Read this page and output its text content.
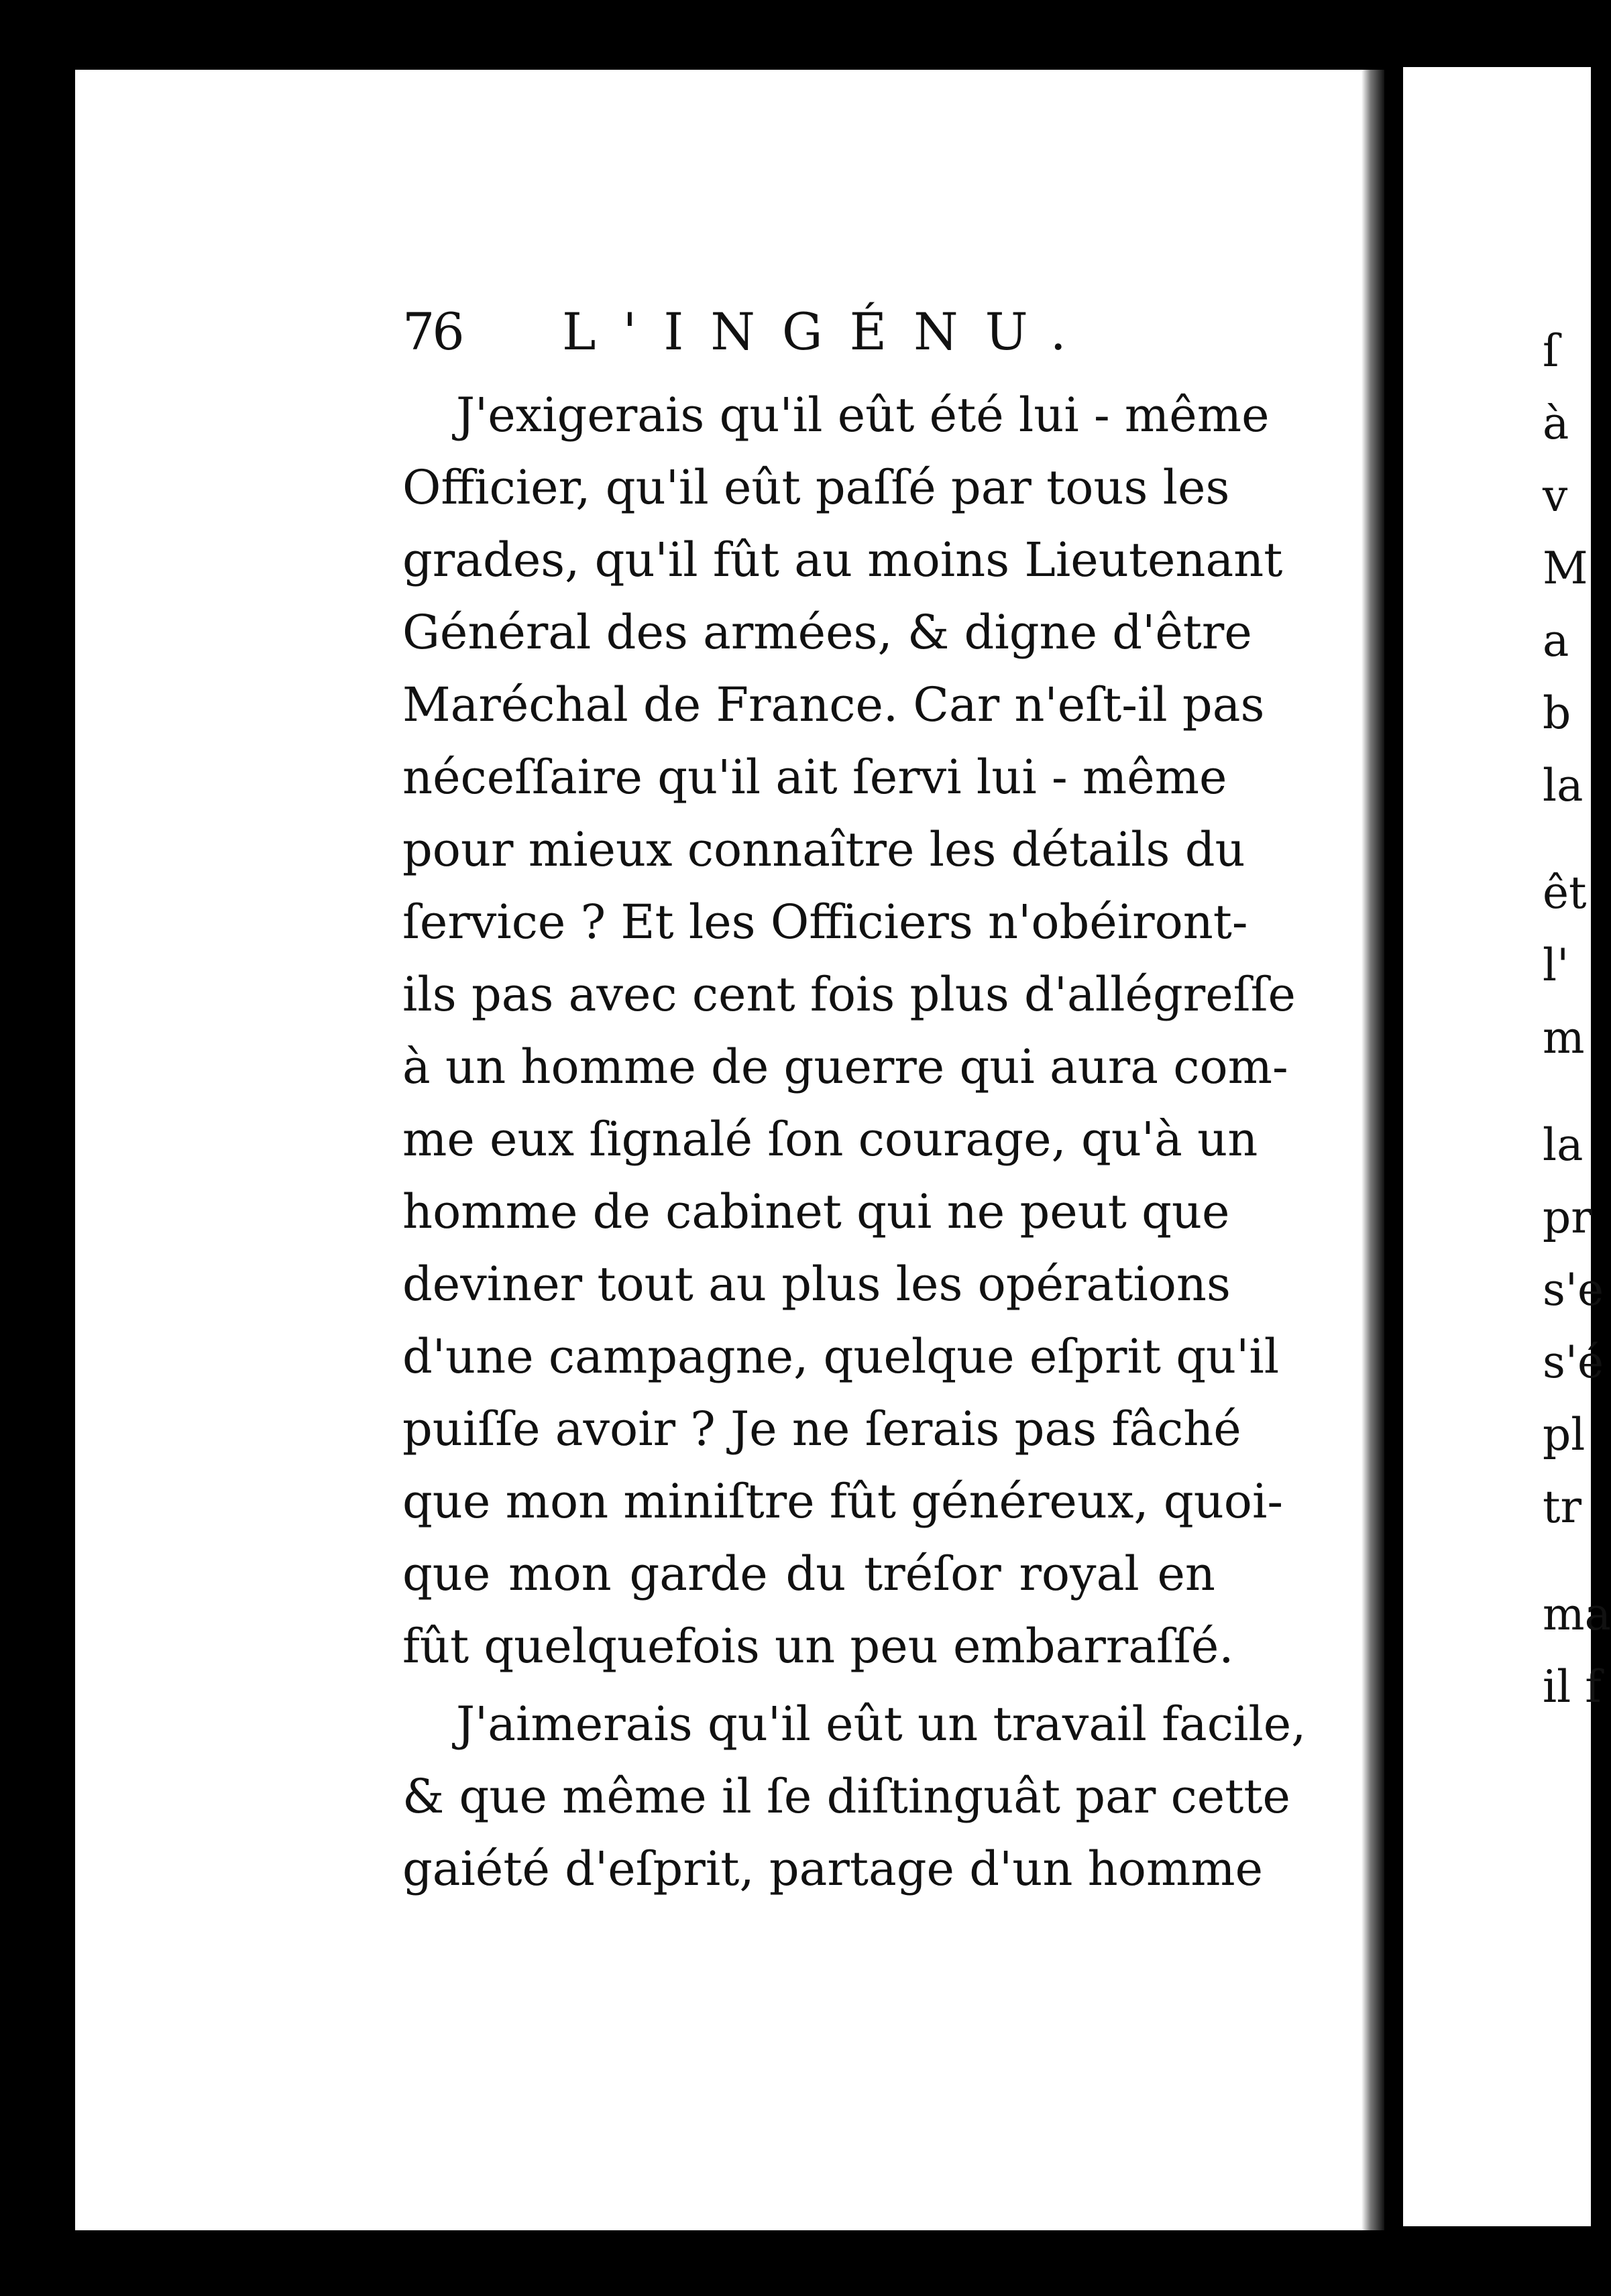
76 L'INGÉNU.
J'exigerais qu'il eût été lui - même
Officier, qu'il eût paſſé par tous les
grades, qu'il fût au moins Lieutenant
Général des armées, & digne d'être
Maréchal de France. Car n'eſt-il pas
néceſſaire qu'il ait ſervi lui - même
pour mieux connaître les détails du
ſervice ? Et les Officiers n'obéiront-
ils pas avec cent fois plus d'allégreſſe
à un homme de guerre qui aura com-
me eux ſignalé ſon courage, qu'à un
homme de cabinet qui ne peut que
deviner tout au plus les opérations
d'une campagne, quelque eſprit qu'il
puiſſe avoir ? Je ne ſerais pas fâché
que mon miniſtre fût généreux, quoi-
que mon garde du tréſor royal en
fût quelquefois un peu embarraſſé.
J'aimerais qu'il eût un travail facile,
& que même il ſe diſtinguât par cette
gaiété d'eſprit, partage d'un homme
ſ
à
v
M
a
b
la
êt
l'
m
la
pr
s'e
s'é
pl
tr
ma
il f
